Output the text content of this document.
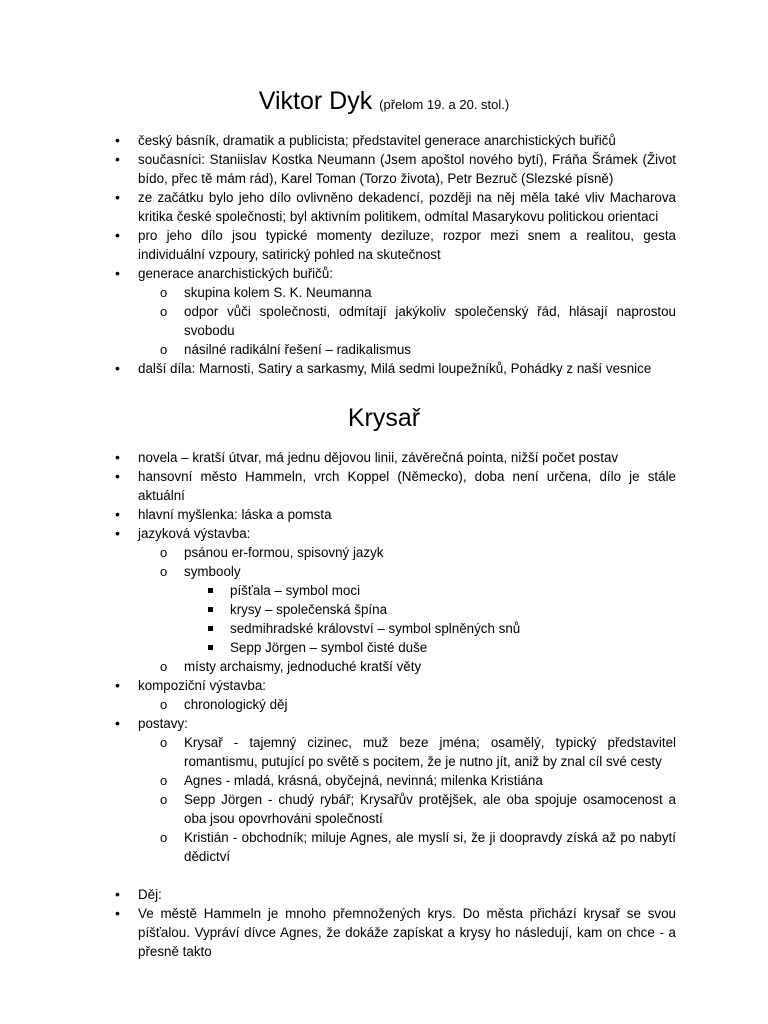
Viktor Dyk (přelom 19. a 20. stol.)
• český básník, dramatik a publicista; představitel generace anarchistických buřičů
• současníci: Staniislav Kostka Neumann (Jsem apoštol nového bytí), Fráňa Šrámek (Život bído, přec tě mám rád), Karel Toman (Torzo života), Petr Bezruč (Slezské písně)
• ze začátku bylo jeho dílo ovlivněno dekadencí, později na něj měla také vliv Macharova kritika české společnosti; byl aktivním politikem, odmítal Masarykovu politickou orientaci
• pro jeho dílo jsou typické momenty deziluze, rozpor mezi snem a realitou, gesta individuální vzpoury, satirický pohled na skutečnost
• generace anarchistických buřičů:
o skupina kolem S. K. Neumanna
o odpor vůči společnosti, odmítají jakýkoliv společenský řád, hlásají naprostou svobodu
o násilné radikální řešení – radikalismus
• další díla: Marnosti, Satiry a sarkasmy, Milá sedmi loupežníků, Pohádky z naší vesnice
Krysař
• novela – kratší útvar, má jednu dějovou linii, závěrečná pointa, nižší počet postav
• hansovní město Hammeln, vrch Koppel (Německo), doba není určena, dílo je stále aktuální
• hlavní myšlenka: láska a pomsta
• jazyková výstavba:
o psánou er-formou, spisovný jazyk
o symbooly
píšťala – symbol moci
krysy – společenská špína
sedmihradské království – symbol splněných snů
Sepp Jörgen – symbol čisté duše
o místy archaismy, jednoduché kratší věty
• kompoziční výstavba:
o chronologický děj
• postavy:
o Krysař - tajemný cizinec, muž beze jména; osamělý, typický představitel romantismu, putující po světě s pocitem, že je nutno jít, aniž by znal cíl své cesty
o Agnes - mladá, krásná, obyčejná, nevinná; milenka Kristiána
o Sepp Jörgen - chudý rybář; Krysařův protějšek, ale oba spojuje osamocenost a oba jsou opovrhováni společností
o Kristián - obchodník; miluje Agnes, ale myslí si, že ji doopravdy získá až po nabytí dědictví
• Děj:
• Ve městě Hammeln je mnoho přemnožených krys. Do města přichází krysař se svou píšťalou. Vypráví dívce Agnes, že dokáže zapískat a krysy ho následují, kam on chce - a přesně takto
